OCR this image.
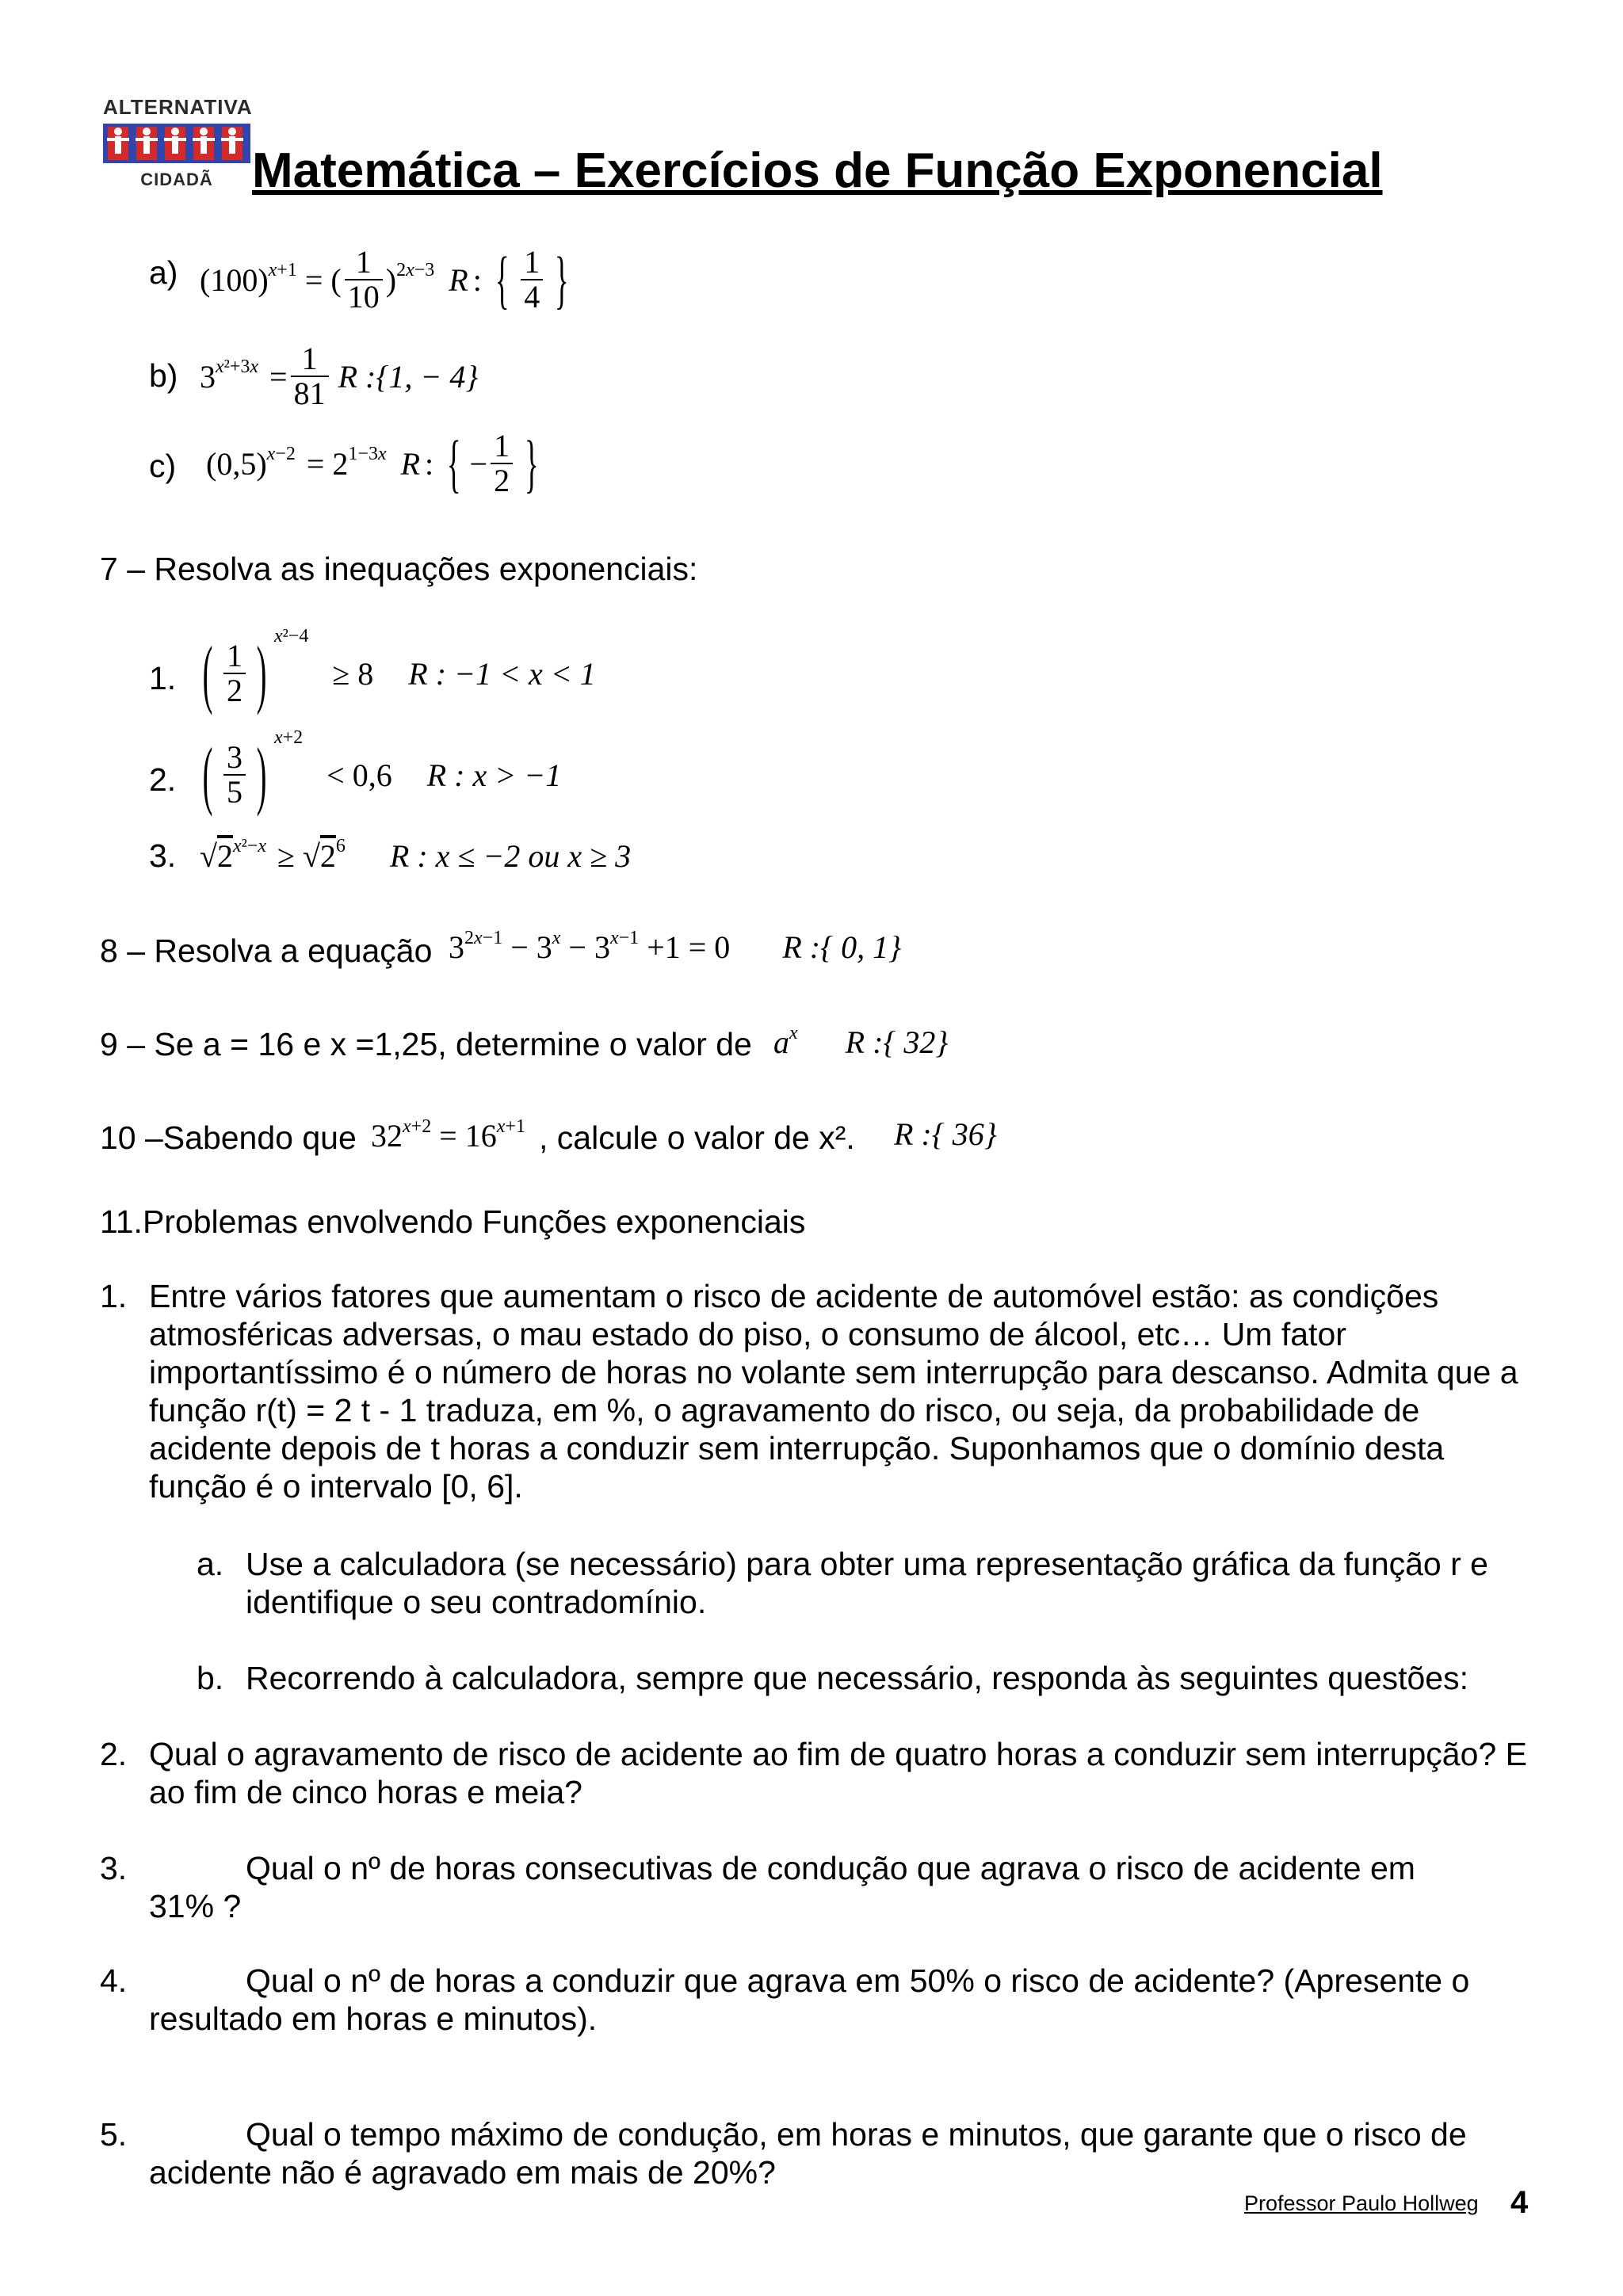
ALTERNATIVA
CIDADÃ Matemática – Exercícios de Função Exponencial
a) $(100)^{x+1}$ = ( $\frac{1}{10} )^{2x-3}$ R : { $\frac{1}{4}$ }
b) $3^{x^2+3x} = \frac{1}{81}$ R :{1, − 4}
c) $(0,5)^{x-2} = 2^{1-3x}$ R : { − $\frac{1}{2}$ }
7 – Resolva as inequações exponenciais:
1. ( $\frac{1}{2}$ ) $^{x^2-4}$
≥ 8 R : −1 < x < 1
2. ( $\frac{3}{5}$ ) $^{x+2}$
< 0,6 R : x > −1
3. $√2^{x^2-x} \ge √2^6$ R : x ≤ −2 ou x ≥ 3
8 – Resolva a equação $3^{2x-1} - 3^x - 3^{x-1} +1 = 0$ R :{ 0, 1}
9 – Se a = 16 e x =1,25, determine o valor de $a^x$ R :{ 32}
10 –Sabendo que $32^{x+2} = 16^{x+1}$ , calcule o valor de x². R :{ 36}
11.Problemas envolvendo Funções exponenciais
1. Entre vários fatores que aumentam o risco de acidente de automóvel estão: as condições atmosféricas adversas, o mau estado do piso, o consumo de álcool, etc… Um fator importantíssimo é o número de horas no volante sem interrupção para descanso. Admita que a função r(t) = 2 t - 1 traduza, em %, o agravamento do risco, ou seja, da probabilidade de acidente depois de t horas a conduzir sem interrupção. Suponhamos que o domínio desta função é o intervalo [0, 6].
a. Use a calculadora (se necessário) para obter uma representação gráfica da função r e identifique o seu contradomínio.
b. Recorrendo à calculadora, sempre que necessário, responda às seguintes questões:
2. Qual o agravamento de risco de acidente ao fim de quatro horas a conduzir sem interrupção? E ao fim de cinco horas e meia?
3.	Qual o nº de horas consecutivas de condução que agrava o risco de acidente em 31% ?
4.	Qual o nº de horas a conduzir que agrava em 50% o risco de acidente? (Apresente o resultado em horas e minutos).
5.	Qual o tempo máximo de condução, em horas e minutos, que garante que o risco de acidente não é agravado em mais de 20%?
Professor Paulo Hollweg 4
